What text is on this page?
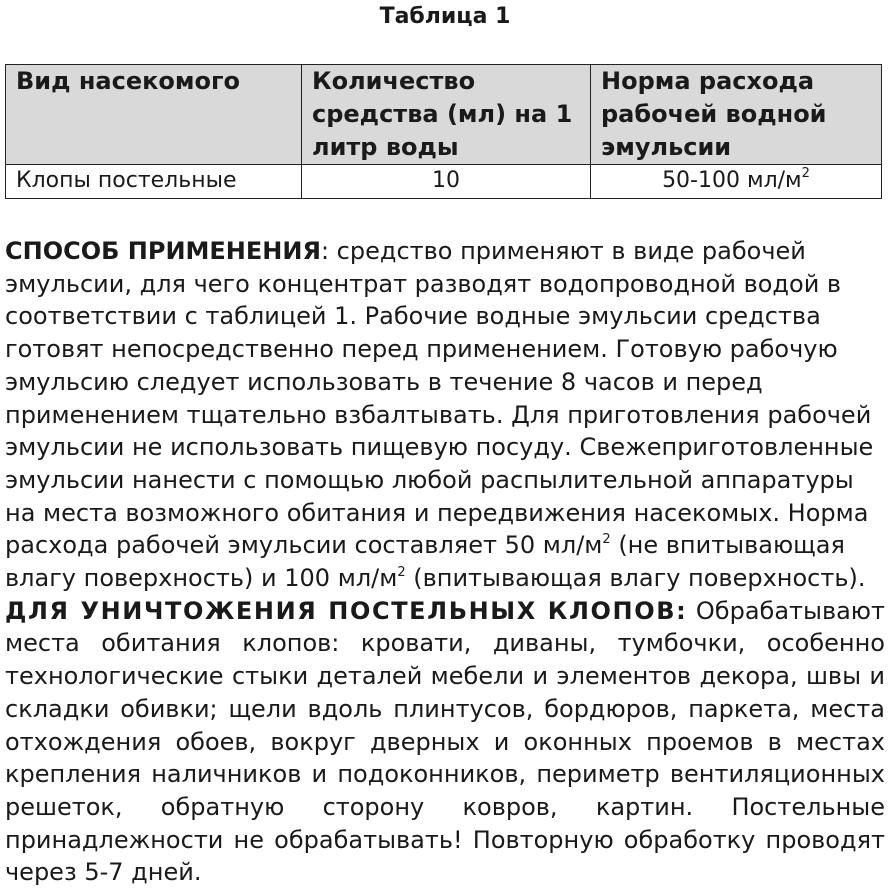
Таблица 1
Вид насекомого	Количество средства (мл) на 1 литр воды	Норма расхода рабочей водной эмульсии
Клопы постельные	10	50-100 $мл/м^2$

СПОСОБ ПРИМЕНЕНИЯ: средство применяют в виде рабочей эмульсии, для чего концентрат разводят водопроводной водой в соответствии с таблицей 1. Рабочие водные эмульсии средства готовят непосредственно перед применением. Готовую рабочую эмульсию следует использовать в течение 8 часов и перед применением тщательно взбалтывать. Для приготовления рабочей эмульсии не использовать пищевую посуду. Свежеприготовленные эмульсии нанести с помощью любой распылительной аппаратуры на места возможного обитания и передвижения насекомых. Норма расхода рабочей эмульсии составляет 50 $мл/м^2$ (не впитывающая влагу поверхность) и 100 $мл/м^2$ (впитывающая влагу поверхность).

ДЛЯ УНИЧТОЖЕНИЯ ПОСТЕЛЬНЫХ КЛОПОВ: Обрабатывают места обитания клопов: кровати, диваны, тумбочки, особенно технологические стыки деталей мебели и элементов декора, швы и складки обивки; щели вдоль плинтусов, бордюров, паркета, места отхождения обоев, вокруг дверных и оконных проемов в местах крепления наличников и подоконников, периметр вентиляционных решеток, обратную сторону ковров, картин. Постельные принадлежности не обрабатывать! Повторную обработку проводят через 5-7 дней.
